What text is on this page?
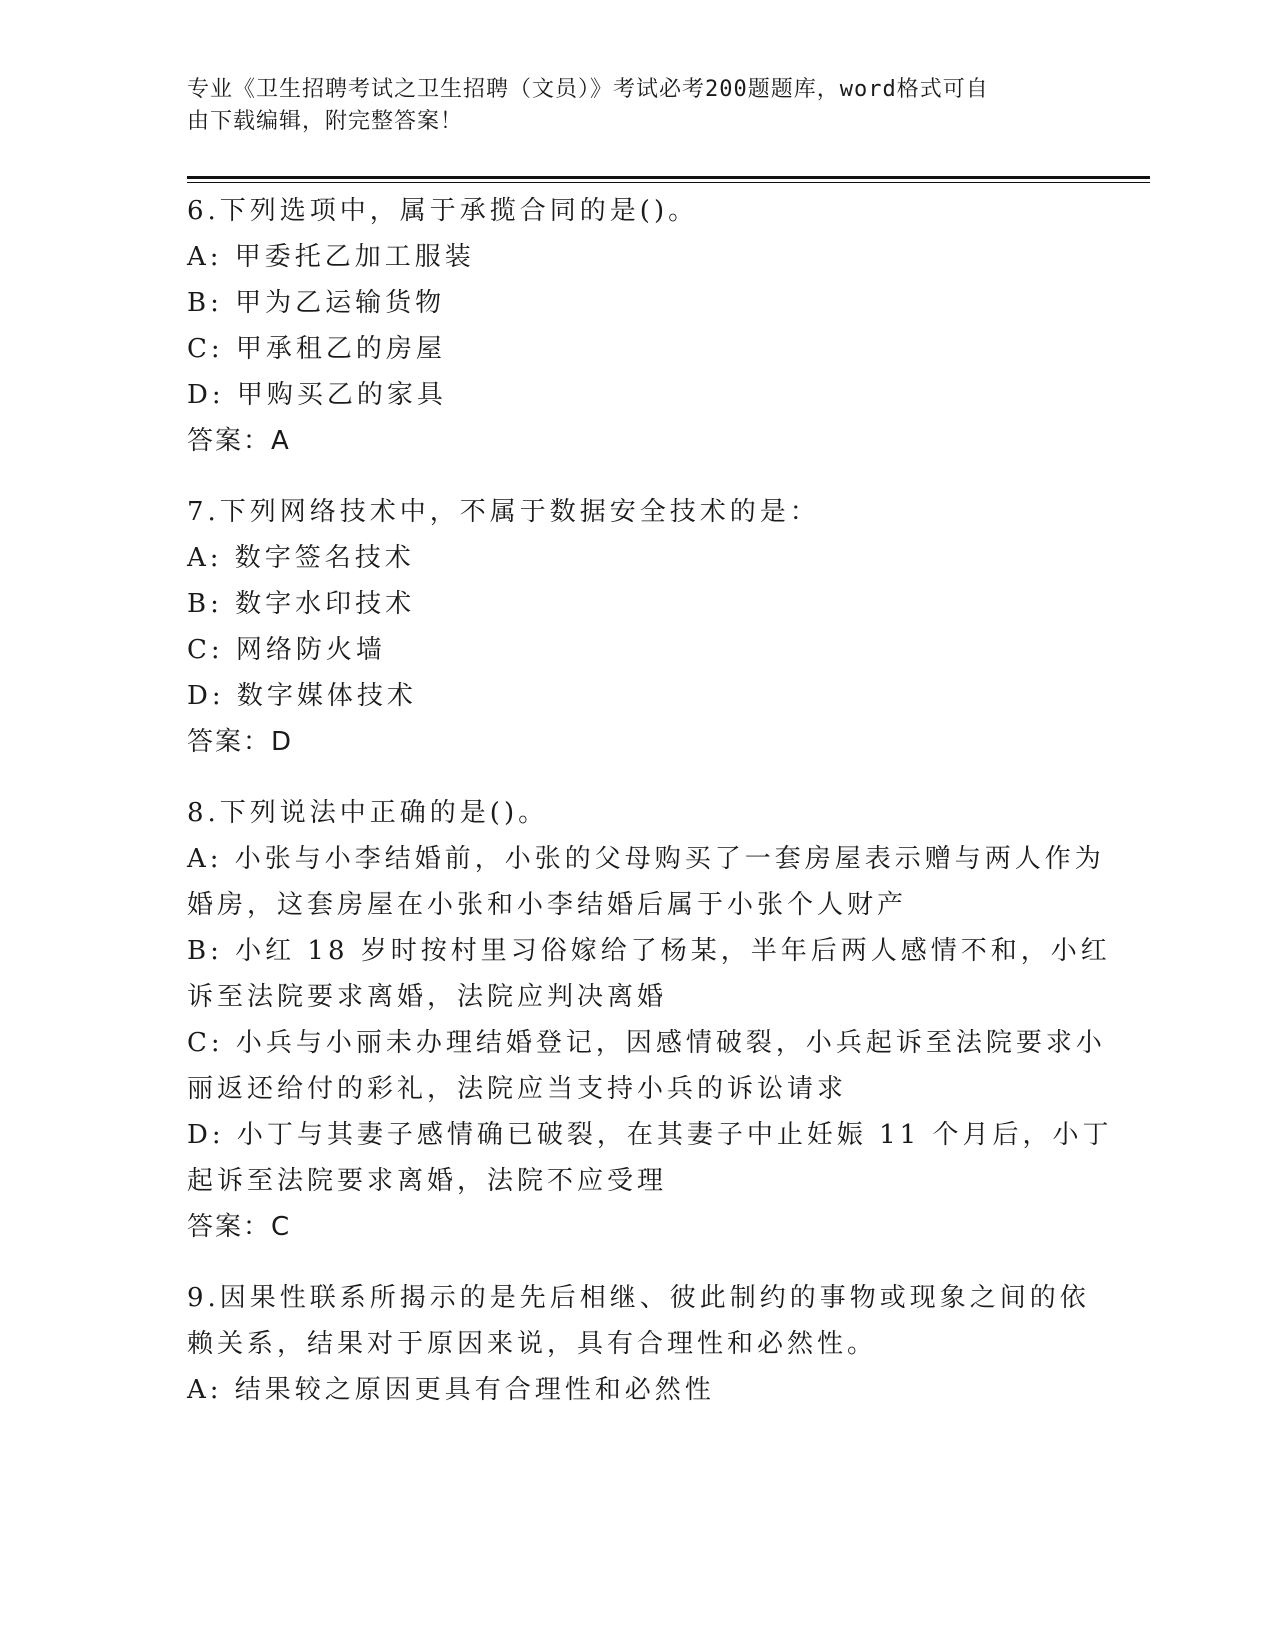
专业《卫生招聘考试之卫生招聘（文员）》考试必考200题题库，word格式可自
由下载编辑，附完整答案！
6.下列选项中，属于承揽合同的是()。
A: 甲委托乙加工服装
B: 甲为乙运输货物
C: 甲承租乙的房屋
D: 甲购买乙的家具
答案：A
7.下列网络技术中，不属于数据安全技术的是：
A: 数字签名技术
B: 数字水印技术
C: 网络防火墙
D: 数字媒体技术
答案：D
8.下列说法中正确的是()。
A: 小张与小李结婚前，小张的父母购买了一套房屋表示赠与两人作为
婚房，这套房屋在小张和小李结婚后属于小张个人财产
B: 小红 18 岁时按村里习俗嫁给了杨某，半年后两人感情不和，小红
诉至法院要求离婚，法院应判决离婚
C: 小兵与小丽未办理结婚登记，因感情破裂，小兵起诉至法院要求小
丽返还给付的彩礼，法院应当支持小兵的诉讼请求
D: 小丁与其妻子感情确已破裂，在其妻子中止妊娠 11 个月后，小丁
起诉至法院要求离婚，法院不应受理
答案：C
9.因果性联系所揭示的是先后相继、彼此制约的事物或现象之间的依
赖关系，结果对于原因来说，具有合理性和必然性。
A: 结果较之原因更具有合理性和必然性
